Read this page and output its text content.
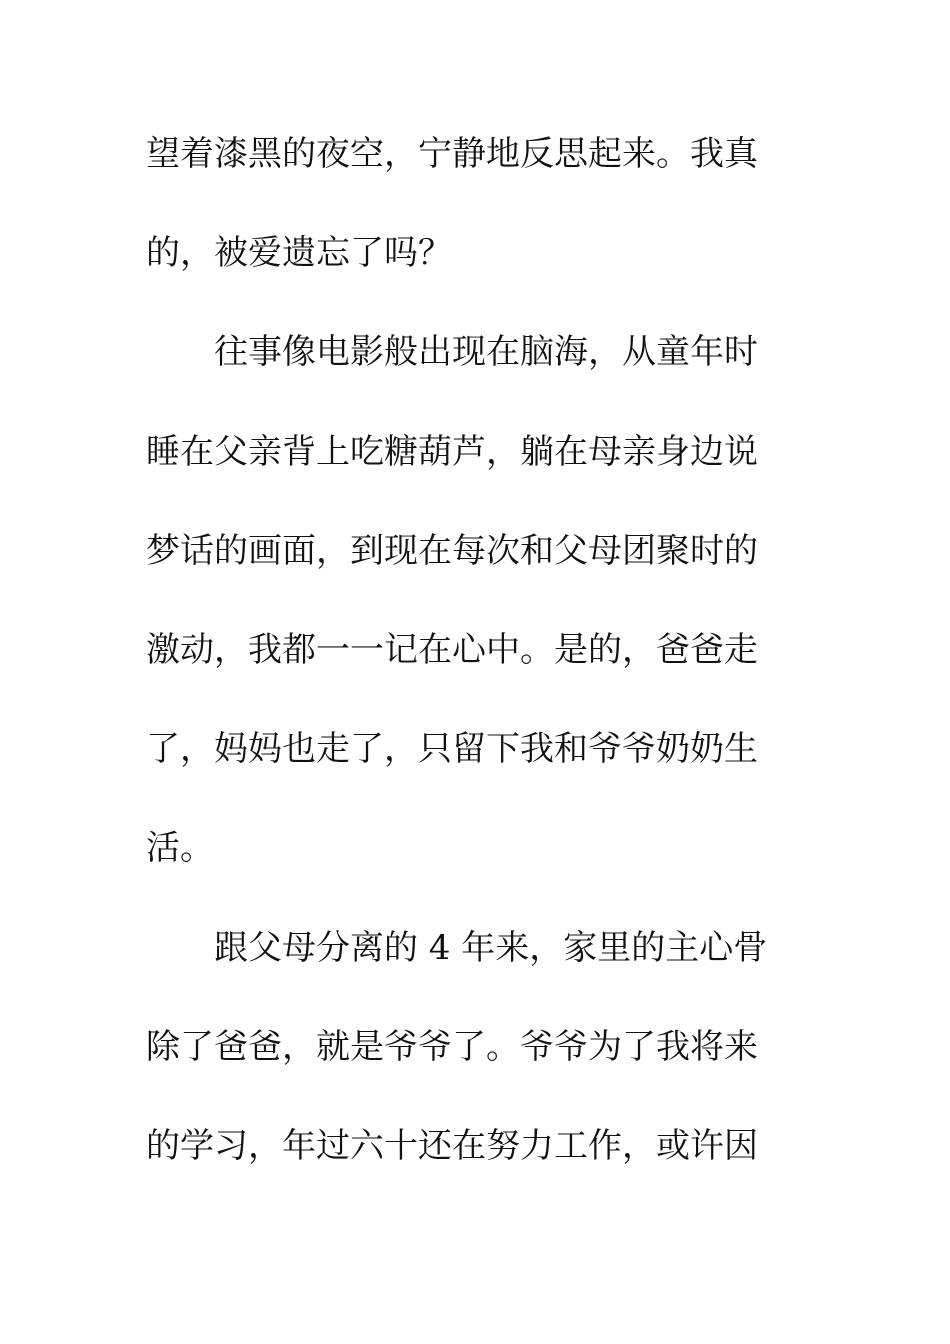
望着漆黑的夜空，宁静地反思起来。我真
的，被爱遗忘了吗？
往事像电影般出现在脑海，从童年时
睡在父亲背上吃糖葫芦，躺在母亲身边说
梦话的画面，到现在每次和父母团聚时的
激动，我都一一记在心中。是的，爸爸走
了，妈妈也走了，只留下我和爷爷奶奶生
活。
跟父母分离的 4 年来，家里的主心骨
除了爸爸，就是爷爷了。爷爷为了我将来
的学习，年过六十还在努力工作，或许因
